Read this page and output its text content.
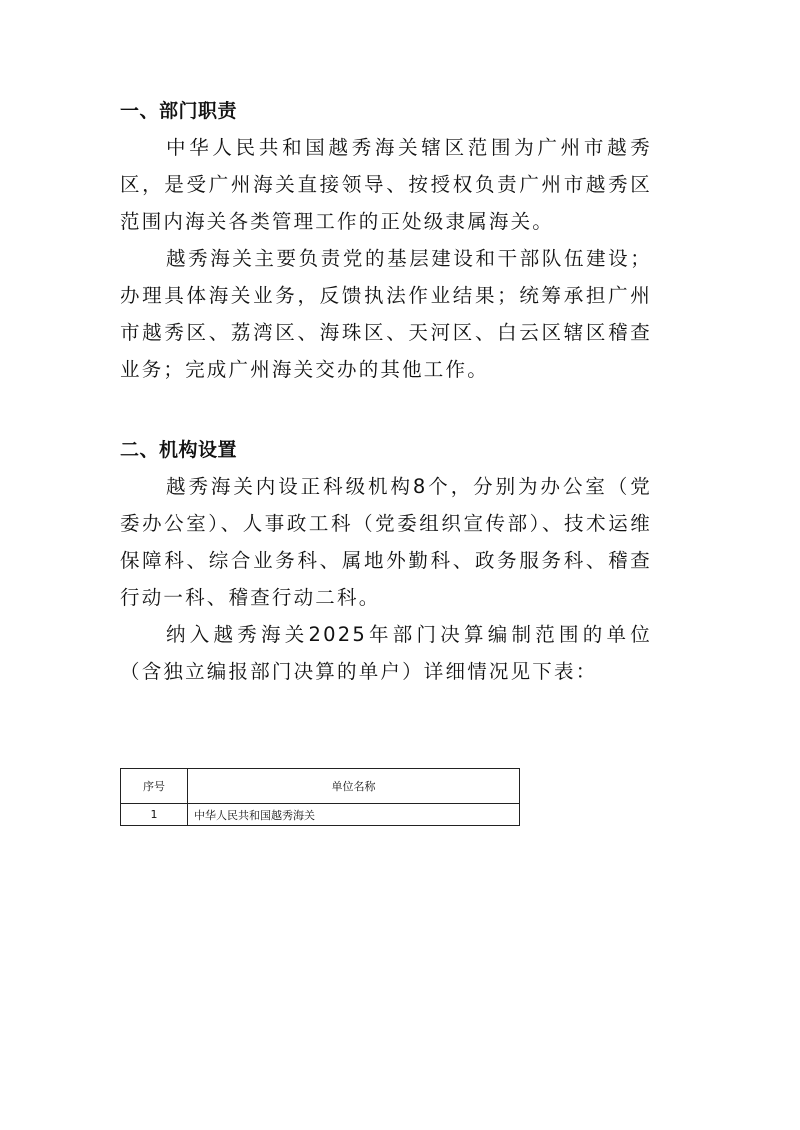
一、部门职责

中华人民共和国越秀海关辖区范围为广州市越秀区，是受广州海关直接领导、按授权负责广州市越秀区范围内海关各类管理工作的正处级隶属海关。

越秀海关主要负责党的基层建设和干部队伍建设；办理具体海关业务，反馈执法作业结果；统筹承担广州市越秀区、荔湾区、海珠区、天河区、白云区辖区稽查业务；完成广州海关交办的其他工作。

二、机构设置

越秀海关内设正科级机构8个，分别为办公室（党委办公室）、人事政工科（党委组织宣传部）、技术运维保障科、综合业务科、属地外勤科、政务服务科、稽查行动一科、稽查行动二科。

纳入越秀海关2025年部门决算编制范围的单位（含独立编报部门决算的单户）详细情况见下表：

序号	单位名称
1	中华人民共和国越秀海关
